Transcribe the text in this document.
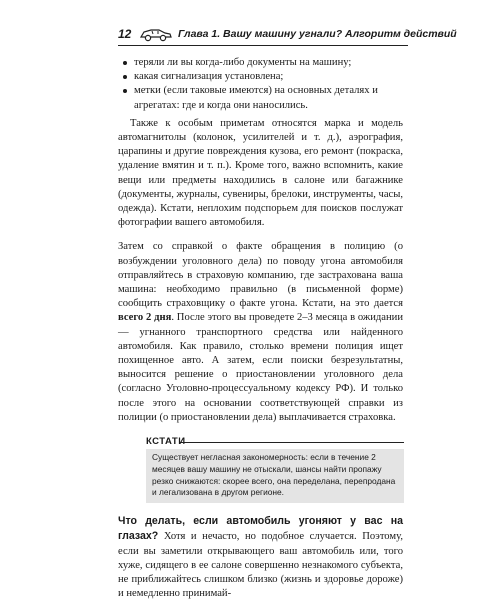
12	Глава 1. Вашу машину угнали? Алгоритм действий
теряли ли вы когда-либо документы на машину;
какая сигнализация установлена;
метки (если таковые имеются) на основных деталях и агрегатах: где и когда они наносились.

Также к особым приметам относятся марка и модель автомагнитолы (колонок, усилителей и т. д.), аэрография, царапины и другие повреждения кузова, его ремонт (покраска, удаление вмятин и т. п.). Кроме того, важно вспомнить, какие вещи или предметы находились в салоне или багажнике (документы, журналы, сувениры, брелоки, инструменты, часы, одежда). Кстати, неплохим подспорьем для поисков послужат фотографии вашего автомобиля.

Затем со справкой о факте обращения в полицию (о возбуждении уголовного дела) по поводу угона автомобиля отправляйтесь в страховую компанию, где застрахована ваша машина: необходимо правильно (в письменной форме) сообщить страховщику о факте угона. Кстати, на это дается всего 2 дня. После этого вы проведете 2–3 месяца в ожидании — угнанного транспортного средства или найденного автомобиля. Как правило, столько времени полиция ищет похищенное авто. А затем, если поиски безрезультатны, выносится решение о приостановлении уголовного дела (согласно Уголовно-процессуальному кодексу РФ). И только после этого на основании соответствующей справки из полиции (о приостановлении дела) выплачивается страховка.

КСТАТИ
Существует негласная закономерность: если в течение 2 месяцев вашу машину не отыскали, шансы найти пропажу резко снижаются: скорее всего, она переделана, перепродана и легализована в другом регионе.

Что делать, если автомобиль угоняют у вас на глазах? Хотя и нечасто, но подобное случается. Поэтому, если вы заметили открывающего ваш автомобиль или, того хуже, сидящего в ее салоне совершенно незнакомого субъекта, не приближайтесь слишком близко (жизнь и здоровье дороже) и немедленно принимай-
